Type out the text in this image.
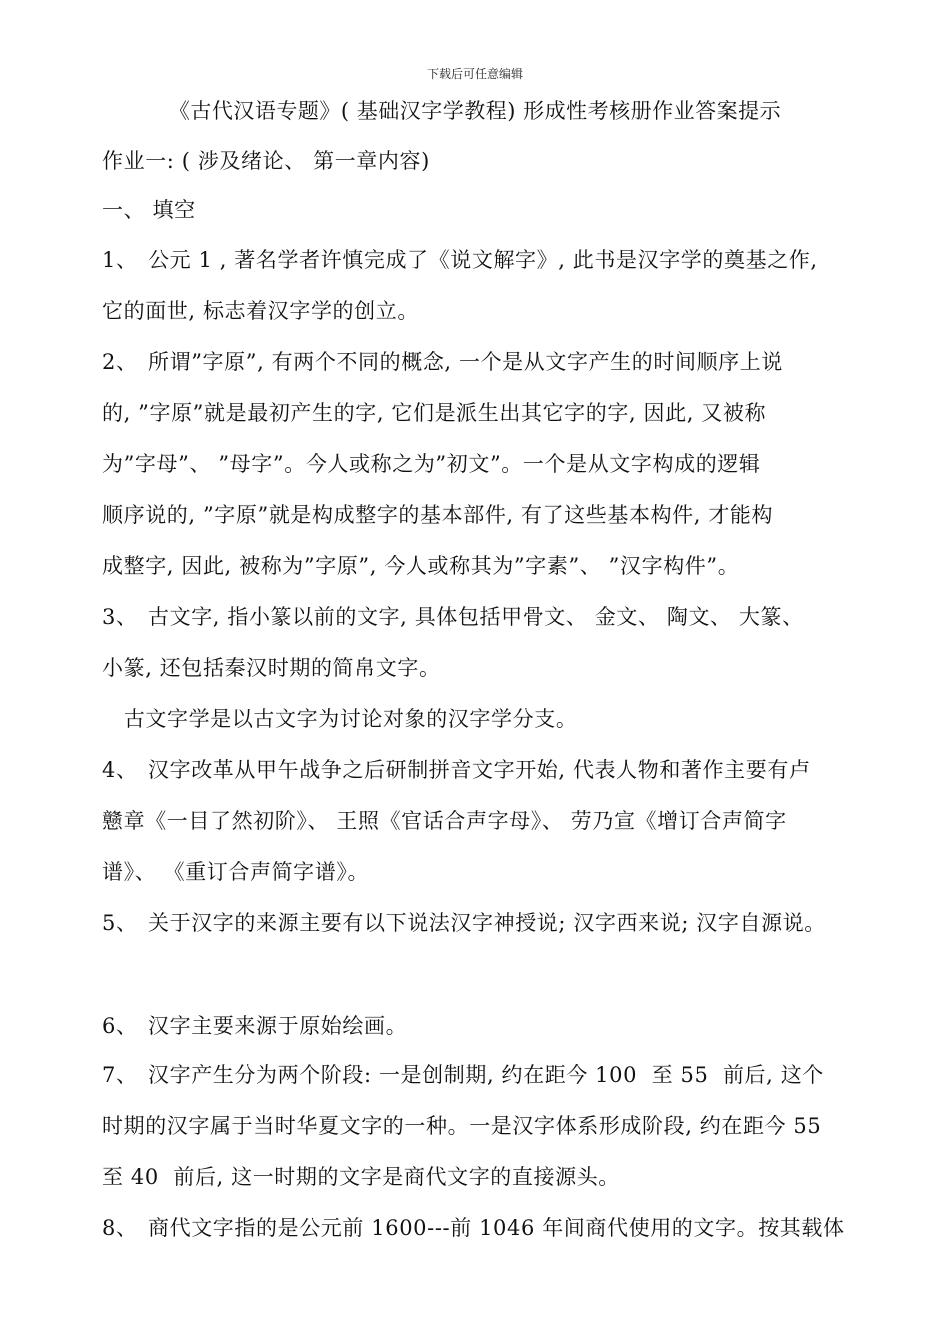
下载后可任意编辑
《古代汉语专题》( 基础汉字学教程) 形成性考核册作业答案提示
作业一: ( 涉及绪论、 第一章内容)
一、 填空
1、 公元 1 , 著名学者许慎完成了《说文解字》, 此书是汉字学的奠基之作,
它的面世, 标志着汉字学的创立。
2、 所谓”字原”, 有两个不同的概念, 一个是从文字产生的时间顺序上说
的, ”字原”就是最初产生的字, 它们是派生出其它字的字, 因此, 又被称
为”字母”、 ”母字”。今人或称之为”初文”。一个是从文字构成的逻辑
顺序说的, ”字原”就是构成整字的基本部件, 有了这些基本构件, 才能构
成整字, 因此, 被称为”字原”, 今人或称其为”字素”、 ”汉字构件”。
3、 古文字, 指小篆以前的文字, 具体包括甲骨文、 金文、 陶文、 大篆、
小篆, 还包括秦汉时期的简帛文字。
古文字学是以古文字为讨论对象的汉字学分支。
4、 汉字改革从甲午战争之后研制拼音文字开始, 代表人物和著作主要有卢
戆章《一目了然初阶》、 王照《官话合声字母》、 劳乃宣《增订合声简字
谱》、 《重订合声简字谱》。
5、 关于汉字的来源主要有以下说法汉字神授说; 汉字西来说; 汉字自源说。
6、 汉字主要来源于原始绘画。
7、 汉字产生分为两个阶段: 一是创制期, 约在距今 100  至 55  前后, 这个
时期的汉字属于当时华夏文字的一种。一是汉字体系形成阶段, 约在距今 55
至 40  前后, 这一时期的文字是商代文字的直接源头。
8、 商代文字指的是公元前 1600---前 1046 年间商代使用的文字。按其载体
